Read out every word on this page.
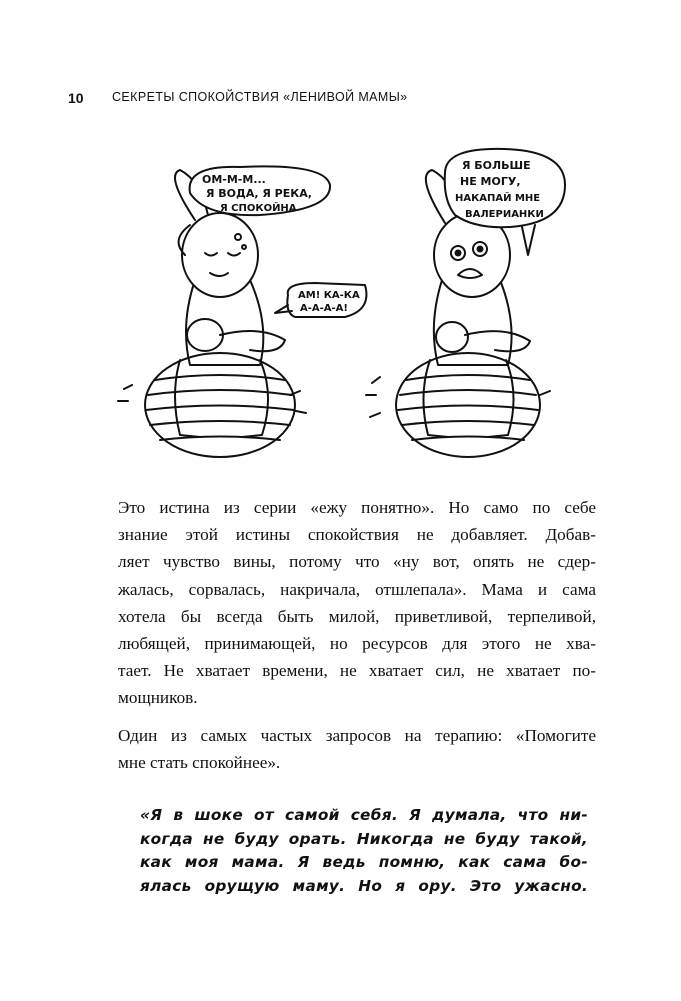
10 СЕКРЕТЫ СПОКОЙСТВИЯ «ЛЕНИВОЙ МАМЫ»
ОМ-М-М...
Я ВОДА, Я РЕКА,
Я СПОКОЙНА
АМ! КА-КА
А-А-А-А!
Я БОЛЬШЕ
НЕ МОГУ,
НАКАПАЙ МНЕ
ВАЛЕРИАНКИ
Это истина из серии «ежу понятно». Но само по себе
знание этой истины спокойствия не добавляет. Добав-
ляет чувство вины, потому что «ну вот, опять не сдер-
жалась, сорвалась, накричала, отшлепала». Мама и сама
хотела бы всегда быть милой, приветливой, терпеливой,
любящей, принимающей, но ресурсов для этого не хва-
тает. Не хватает времени, не хватает сил, не хватает по-
мощников.
Один из самых частых запросов на терапию: «Помогите
мне стать спокойнее».
«Я в шоке от самой себя. Я думала, что ни-
когда не буду орать. Никогда не буду такой,
как моя мама. Я ведь помню, как сама бо-
ялась орущую маму. Но я ору. Это ужасно.
